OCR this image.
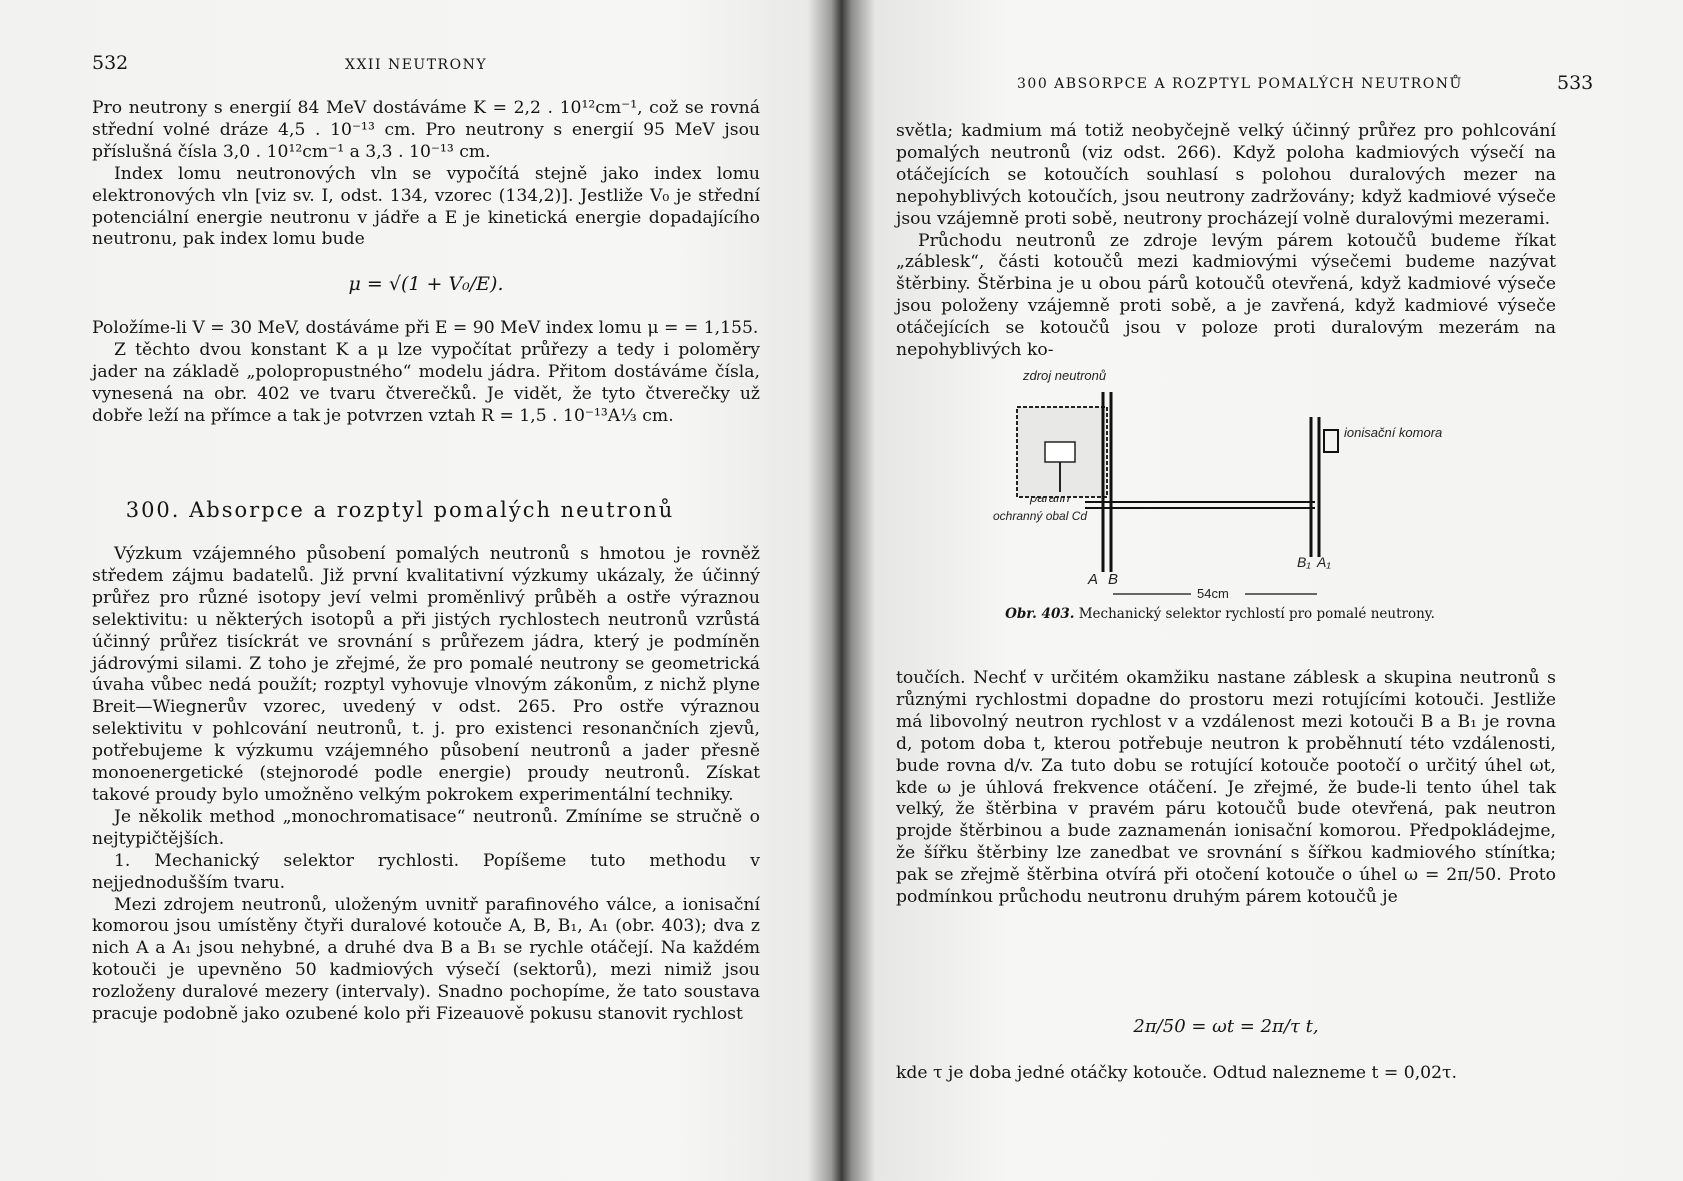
532	XXII NEUTRONY

Pro neutrony s energií 84 MeV dostáváme K = 2,2 . 10¹²cm⁻¹, což se rovná střední volné dráze 4,5 . 10⁻¹³ cm. Pro neutrony s energií 95 MeV jsou příslušná čísla 3,0 . 10¹²cm⁻¹ a 3,3 . 10⁻¹³ cm.

Index lomu neutronových vln se vypočítá stejně jako index lomu elektronových vln [viz sv. I, odst. 134, vzorec (134,2)]. Jestliže V₀ je střední potenciální energie neutronu v jádře a E je kinetická energie dopadajícího neutronu, pak index lomu bude

μ = √(1 + V₀/E).

Položíme-li V = 30 MeV, dostáváme při E = 90 MeV index lomu μ = = 1,155.

Z těchto dvou konstant K a μ lze vypočítat průřezy a tedy i poloměry jader na základě „polopropustného“ modelu jádra. Přitom dostáváme čísla, vynesená na obr. 402 ve tvaru čtverečků. Je vidět, že tyto čtverečky už dobře leží na přímce a tak je potvrzen vztah R = 1,5 . 10⁻¹³A⅓ cm.

300. Absorpce a rozptyl pomalých neutronů

Výzkum vzájemného působení pomalých neutronů s hmotou je rovněž středem zájmu badatelů. Již první kvalitativní výzkumy ukázaly, že účinný průřez pro různé isotopy jeví velmi proměnlivý průběh a ostře výraznou selektivitu: u některých isotopů a při jistých rychlostech neutronů vzrůstá účinný průřez tisíckrát ve srovnání s průřezem jádra, který je podmíněn jádrovými silami. Z toho je zřejmé, že pro pomalé neutrony se geometrická úvaha vůbec nedá použít; rozptyl vyhovuje vlnovým zákonům, z nichž plyne Breit—Wiegnerův vzorec, uvedený v odst. 265. Pro ostře výraznou selektivitu v pohlcování neutronů, t. j. pro existenci resonančních zjevů, potřebujeme k výzkumu vzájemného působení neutronů a jader přesně monoenergetické (stejnorodé podle energie) proudy neutronů. Získat takové proudy bylo umožněno velkým pokrokem experimentální techniky.

Je několik method „monochromatisace“ neutronů. Zmíníme se stručně o nejtypičtějších.

1. Mechanický selektor rychlosti. Popíšeme tuto methodu v nejjednodušším tvaru.

Mezi zdrojem neutronů, uloženým uvnitř parafinového válce, a ionisační komorou jsou umístěny čtyři duralové kotouče A, B, B₁, A₁ (obr. 403); dva z nich A a A₁ jsou nehybné, a druhé dva B a B₁ se rychle otáčejí. Na každém kotouči je upevněno 50 kadmiových výsečí (sektorů), mezi nimiž jsou rozloženy duralové mezery (intervaly). Snadno pochopíme, že tato soustava pracuje podobně jako ozubené kolo při Fizeauově pokusu stanovit rychlost

300 ABSORPCE A ROZPTYL POMALÝCH NEUTRONŮ	533

světla; kadmium má totiž neobyčejně velký účinný průřez pro pohlcování pomalých neutronů (viz odst. 266). Když poloha kadmiových výsečí na otáčejících se kotoučích souhlasí s polohou duralových mezer na nepohyblivých kotoučích, jsou neutrony zadržovány; když kadmiové výseče jsou vzájemně proti sobě, neutrony procházejí volně duralovými mezerami.

Průchodu neutronů ze zdroje levým párem kotoučů budeme říkat „záblesk“, části kotoučů mezi kadmiovými výsečemi budeme nazývat štěrbiny. Štěrbina je u obou párů kotoučů otevřená, když kadmiové výseče jsou položeny vzájemně proti sobě, a je zavřená, když kadmiové výseče otáčejících se kotoučů jsou v poloze proti duralovým mezerám na nepohyblivých ko-

zdroj neutronů
ionisační komora
ochranný obal Cd
A B
B₁ A₁
54cm
Obr. 403. Mechanický selektor rychlostí pro pomalé neutrony.

toučích. Nechť v určitém okamžiku nastane záblesk a skupina neutronů s různými rychlostmi dopadne do prostoru mezi rotujícími kotouči. Jestliže má libovolný neutron rychlost v a vzdálenost mezi kotouči B a B₁ je rovna d, potom doba t, kterou potřebuje neutron k proběhnutí této vzdálenosti, bude rovna d/v. Za tuto dobu se rotující kotouče pootočí o určitý úhel ωt, kde ω je úhlová frekvence otáčení. Je zřejmé, že bude-li tento úhel tak velký, že štěrbina v pravém páru kotoučů bude otevřená, pak neutron projde štěrbinou a bude zaznamenán ionisační komorou. Předpokládejme, že šířku štěrbiny lze zanedbat ve srovnání s šířkou kadmiového stínítka; pak se zřejmě štěrbina otvírá při otočení kotouče o úhel ω = 2π/50. Proto podmínkou průchodu neutronu druhým párem kotoučů je

2π/50 = ωt = 2π/τ t,
kde τ je doba jedné otáčky kotouče. Odtud nalezneme t = 0,02τ.
